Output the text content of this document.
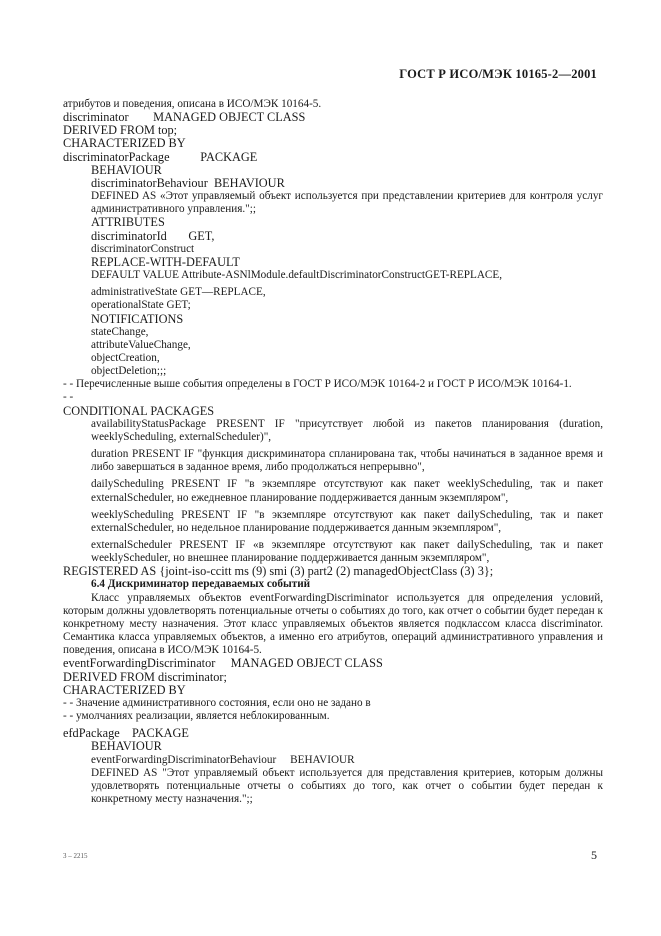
ГОСТ Р ИСО/МЭК 10165-2—2001
атрибутов и поведения, описана в ИСО/МЭК 10164-5.
discriminator        MANAGED OBJECT CLASS
DERIVED FROM top;
CHARACTERIZED BY
discriminatorPackage          PACKAGE
BEHAVIOUR
discriminatorBehaviour  BEHAVIOUR
DEFINED AS «Этот управляемый объект используется при представлении критериев для контроля услуг административного управления.";;
ATTRIBUTES
discriminatorId       GET,
discriminatorConstruct
REPLACE-WITH-DEFAULT
DEFAULT VALUE Attribute-ASNlModule.defaultDiscriminatorConstructGET-REPLACE,
administrativeState GET—REPLACE,
operationalState GET;
NOTIFICATIONS
stateChange,
attributeValueChange,
objectCreation,
objectDeletion;;;
- - Перечисленные выше события определены в ГОСТ Р ИСО/МЭК 10164-2 и ГОСТ Р ИСО/МЭК 10164-1.
- -
CONDITIONAL PACKAGES
availabilityStatusPackage PRESENT IF "присутствует любой из пакетов планирования (duration, weeklyScheduling, externalScheduler)",
duration PRESENT IF "функция дискриминатора спланирована так, чтобы начинаться в заданное время и либо завершаться в заданное время, либо продолжаться непрерывно",
dailyScheduling PRESENT IF "в экземпляре отсутствуют как пакет weeklyScheduling, так и пакет externalScheduler, но ежедневное планирование поддерживается данным экземпляром",
weeklyScheduling PRESENT IF "в экземпляре отсутствуют как пакет dailyScheduling, так и пакет externalScheduler, но недельное планирование поддерживается данным экземпляром",
externalScheduler PRESENT IF «в экземпляре отсутствуют как пакет dailyScheduling, так и пакет weeklyScheduler, но внешнее планирование поддерживается данным экземпляром",
REGISTERED AS {joint-iso-ccitt ms (9) smi (3) part2 (2) managedObjectClass (3) 3};
6.4 Дискриминатор передаваемых событий
Класс управляемых объектов eventForwardingDiscriminator используется для определения условий, которым должны удовлетворять потенциальные отчеты о событиях до того, как отчет о событии будет передан к конкретному месту назначения. Этот класс управляемых объектов является подклассом класса discriminator. Семантика класса управляемых объектов, а именно его атрибутов, операций административного управления и поведения, описана в ИСО/МЭК 10164-5.
eventForwardingDiscriminator     MANAGED OBJECT CLASS
DERIVED FROM discriminator;
CHARACTERIZED BY
- - Значение административного состояния, если оно не задано в
- - умолчаниях реализации, является неблокированным.
efdPackage    PACKAGE
BEHAVIOUR
eventForwardingDiscriminatorBehaviour     BEHAVIOUR
DEFINED AS "Этот управляемый объект используется для представления критериев, которым должны удовлетворять потенциальные отчеты о событиях до того, как отчет о событии будет передан к конкретному месту назначения.";;
3 – 2215	5
